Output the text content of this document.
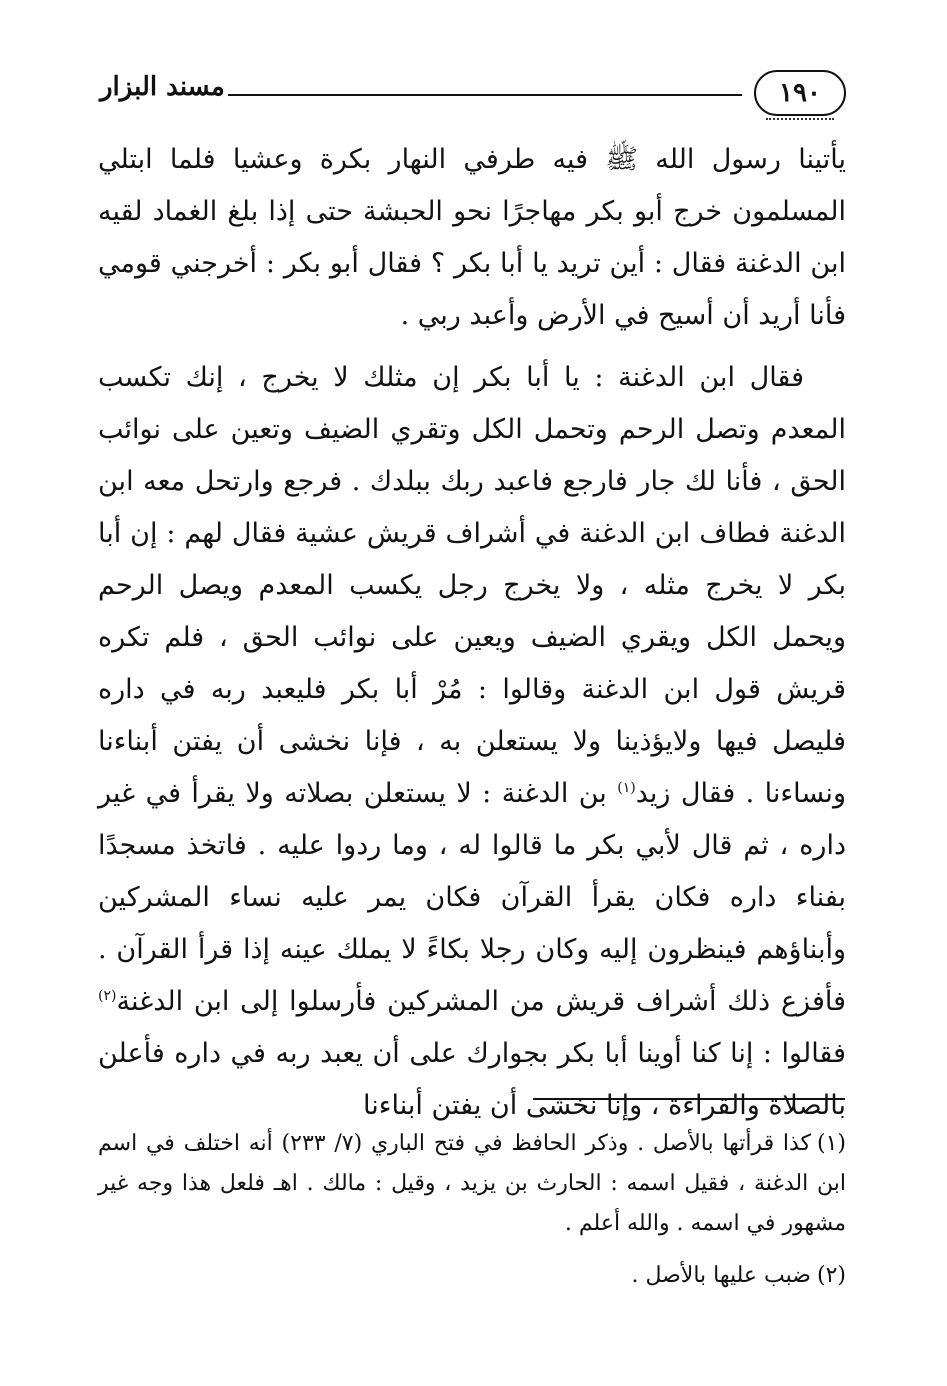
١٩٠
مسند البزار

يأتينا رسول الله ﷺ فيه طرفي النهار بكرة وعشيا فلما ابتلي المسلمون خرج أبو بكر مهاجرًا نحو الحبشة حتى إذا بلغ الغماد لقيه ابن الدغنة فقال : أين تريد يا أبا بكر ؟ فقال أبو بكر : أخرجني قومي فأنا أريد أن أسيح في الأرض وأعبد ربي .

فقال ابن الدغنة : يا أبا بكر إن مثلك لا يخرج ، إنك تكسب المعدم وتصل الرحم وتحمل الكل وتقري الضيف وتعين على نوائب الحق ، فأنا لك جار فارجع فاعبد ربك ببلدك . فرجع وارتحل معه ابن الدغنة فطاف ابن الدغنة في أشراف قريش عشية فقال لهم : إن أبا بكر لا يخرج مثله ، ولا يخرج رجل يكسب المعدم ويصل الرحم ويحمل الكل ويقري الضيف ويعين على نوائب الحق ، فلم تكره قريش قول ابن الدغنة وقالوا : مُرْ أبا بكر فليعبد ربه في داره فليصل فيها ولايؤذينا ولا يستعلن به ، فإنا نخشى أن يفتن أبناءنا ونساءنا . فقال زيد$^{(١)}$ بن الدغنة : لا يستعلن بصلاته ولا يقرأ في غير داره ، ثم قال لأبي بكر ما قالوا له ، وما ردوا عليه . فاتخذ مسجدًا بفناء داره فكان يقرأ القرآن فكان يمر عليه نساء المشركين وأبناؤهم فينظرون إليه وكان رجلا بكاءً لا يملك عينه إذا قرأ القرآن . فأفزع ذلك أشراف قريش من المشركين فأرسلوا إلى ابن الدغنة$^{(٢)}$ فقالوا : إنا كنا أوينا أبا بكر بجوارك على أن يعبد ربه في داره فأعلن بالصلاة والقراءة ، وإنا نخشى أن يفتن أبناءنا

(١)كذا قرأتها بالأصل . وذكر الحافظ في فتح الباري (٧/ ٢٣٣) أنه اختلف في اسم ابن الدغنة ، فقيل اسمه : الحارث بن يزيد ، وقيل : مالك . اهـ فلعل هذا وجه غير مشهور في اسمه . والله أعلم .

(٢)ضبب عليها بالأصل .
